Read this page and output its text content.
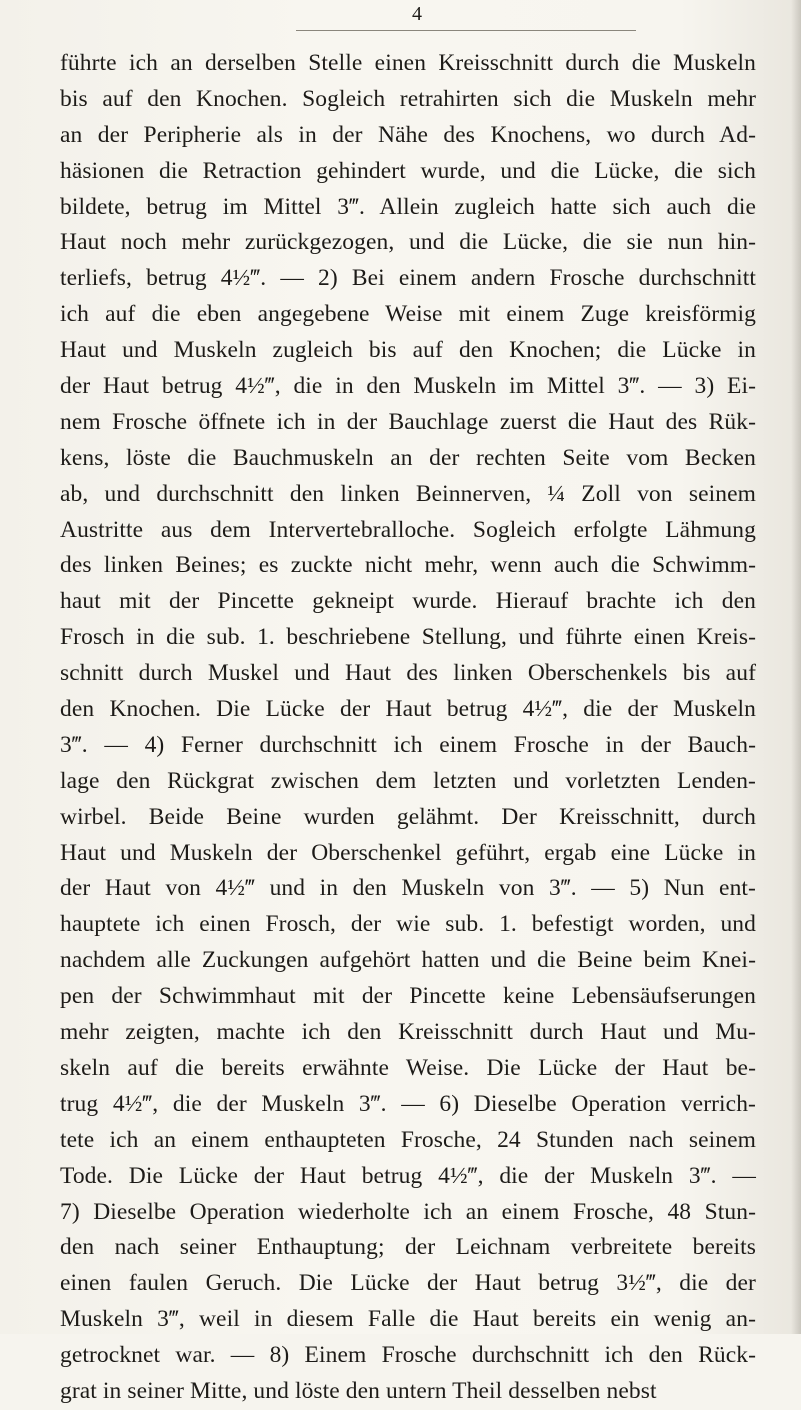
4
führte ich an derselben Stelle einen Kreisschnitt durch die Muskeln
bis auf den Knochen. Sogleich retrahirten sich die Muskeln mehr
an der Peripherie als in der Nähe des Knochens, wo durch Ad-
häsionen die Retraction gehindert wurde, und die Lücke, die sich
bildete, betrug im Mittel 3‴. Allein zugleich hatte sich auch die
Haut noch mehr zurückgezogen, und die Lücke, die sie nun hin-
terliefs, betrug 4½‴. — 2) Bei einem andern Frosche durchschnitt
ich auf die eben angegebene Weise mit einem Zuge kreisförmig
Haut und Muskeln zugleich bis auf den Knochen; die Lücke in
der Haut betrug 4½‴, die in den Muskeln im Mittel 3‴. — 3) Ei-
nem Frosche öffnete ich in der Bauchlage zuerst die Haut des Rük-
kens, löste die Bauchmuskeln an der rechten Seite vom Becken
ab, und durchschnitt den linken Beinnerven, ¼ Zoll von seinem
Austritte aus dem Intervertebralloche. Sogleich erfolgte Lähmung
des linken Beines; es zuckte nicht mehr, wenn auch die Schwimm-
haut mit der Pincette gekneipt wurde. Hierauf brachte ich den
Frosch in die sub. 1. beschriebene Stellung, und führte einen Kreis-
schnitt durch Muskel und Haut des linken Oberschenkels bis auf
den Knochen. Die Lücke der Haut betrug 4½‴, die der Muskeln
3‴. — 4) Ferner durchschnitt ich einem Frosche in der Bauch-
lage den Rückgrat zwischen dem letzten und vorletzten Lenden-
wirbel. Beide Beine wurden gelähmt. Der Kreisschnitt, durch
Haut und Muskeln der Oberschenkel geführt, ergab eine Lücke in
der Haut von 4½‴ und in den Muskeln von 3‴. — 5) Nun ent-
hauptete ich einen Frosch, der wie sub. 1. befestigt worden, und
nachdem alle Zuckungen aufgehört hatten und die Beine beim Knei-
pen der Schwimmhaut mit der Pincette keine Lebensäufserungen
mehr zeigten, machte ich den Kreisschnitt durch Haut und Mu-
skeln auf die bereits erwähnte Weise. Die Lücke der Haut be-
trug 4½‴, die der Muskeln 3‴. — 6) Dieselbe Operation verrich-
tete ich an einem enthaupteten Frosche, 24 Stunden nach seinem
Tode. Die Lücke der Haut betrug 4½‴, die der Muskeln 3‴. —
7) Dieselbe Operation wiederholte ich an einem Frosche, 48 Stun-
den nach seiner Enthauptung; der Leichnam verbreitete bereits
einen faulen Geruch. Die Lücke der Haut betrug 3½‴, die der
Muskeln 3‴, weil in diesem Falle die Haut bereits ein wenig an-
getrocknet war. — 8) Einem Frosche durchschnitt ich den Rück-
grat in seiner Mitte, und löste den untern Theil desselben nebst
